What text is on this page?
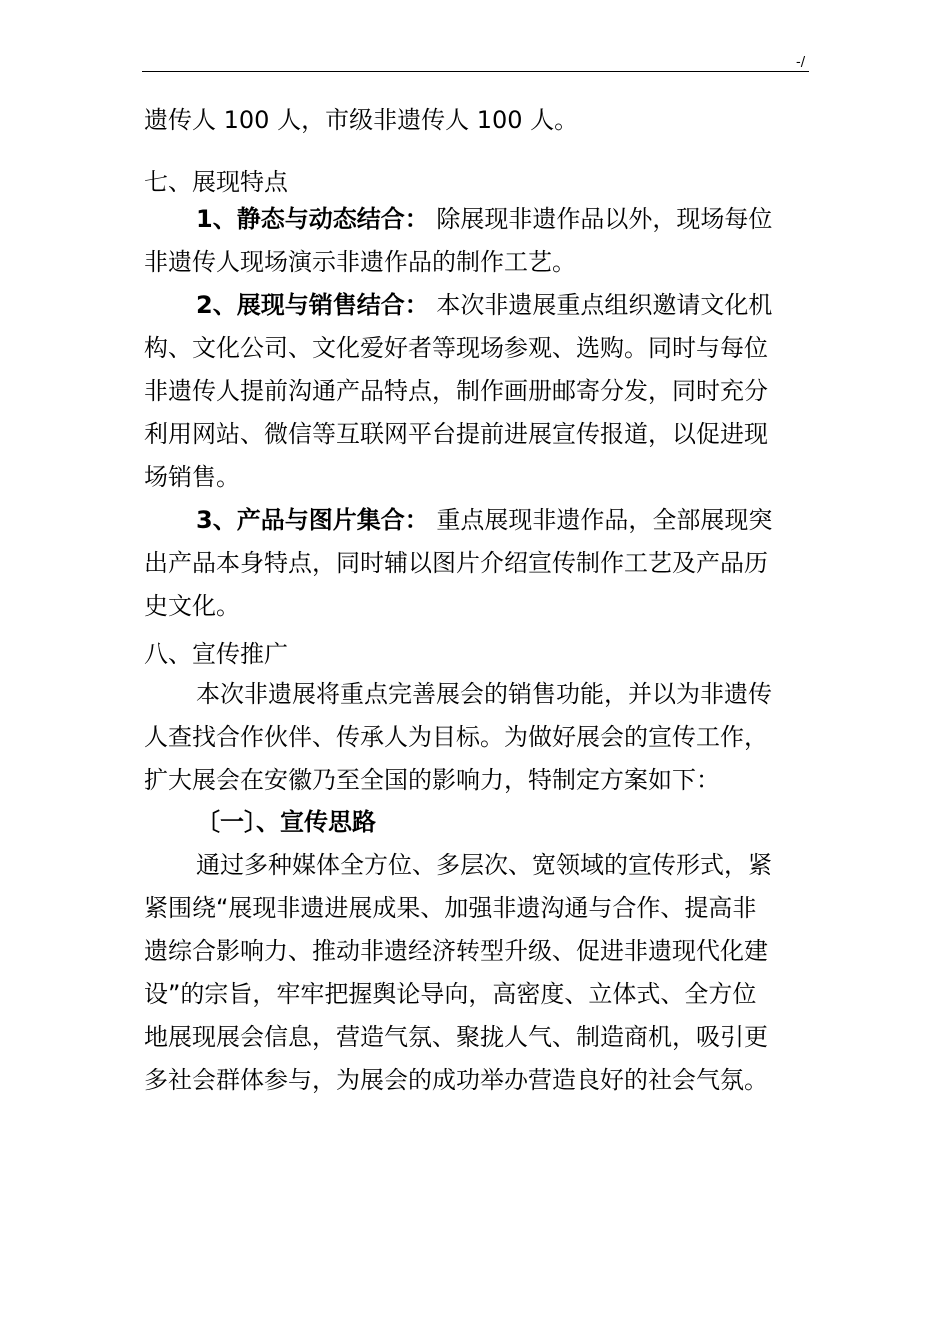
-/
遗传人 100 人，市级非遗传人 100 人。
七、展现特点
1、静态与动态结合： 除展现非遗作品以外，现场每位
非遗传人现场演示非遗作品的制作工艺。
2、展现与销售结合： 本次非遗展重点组织邀请文化机
构、文化公司、文化爱好者等现场参观、选购。同时与每位
非遗传人提前沟通产品特点，制作画册邮寄分发，同时充分
利用网站、微信等互联网平台提前进展宣传报道，以促进现
场销售。
3、产品与图片集合： 重点展现非遗作品，全部展现突
出产品本身特点，同时辅以图片介绍宣传制作工艺及产品历
史文化。
八、宣传推广
本次非遗展将重点完善展会的销售功能，并以为非遗传
人查找合作伙伴、传承人为目标。为做好展会的宣传工作，
扩大展会在安徽乃至全国的影响力，特制定方案如下：
〔一〕、宣传思路
通过多种媒体全方位、多层次、宽领域的宣传形式，紧
紧围绕“展现非遗进展成果、加强非遗沟通与合作、提高非
遗综合影响力、推动非遗经济转型升级、促进非遗现代化建
设”的宗旨，牢牢把握舆论导向，高密度、立体式、全方位
地展现展会信息，营造气氛、聚拢人气、制造商机，吸引更
多社会群体参与，为展会的成功举办营造良好的社会气氛。
